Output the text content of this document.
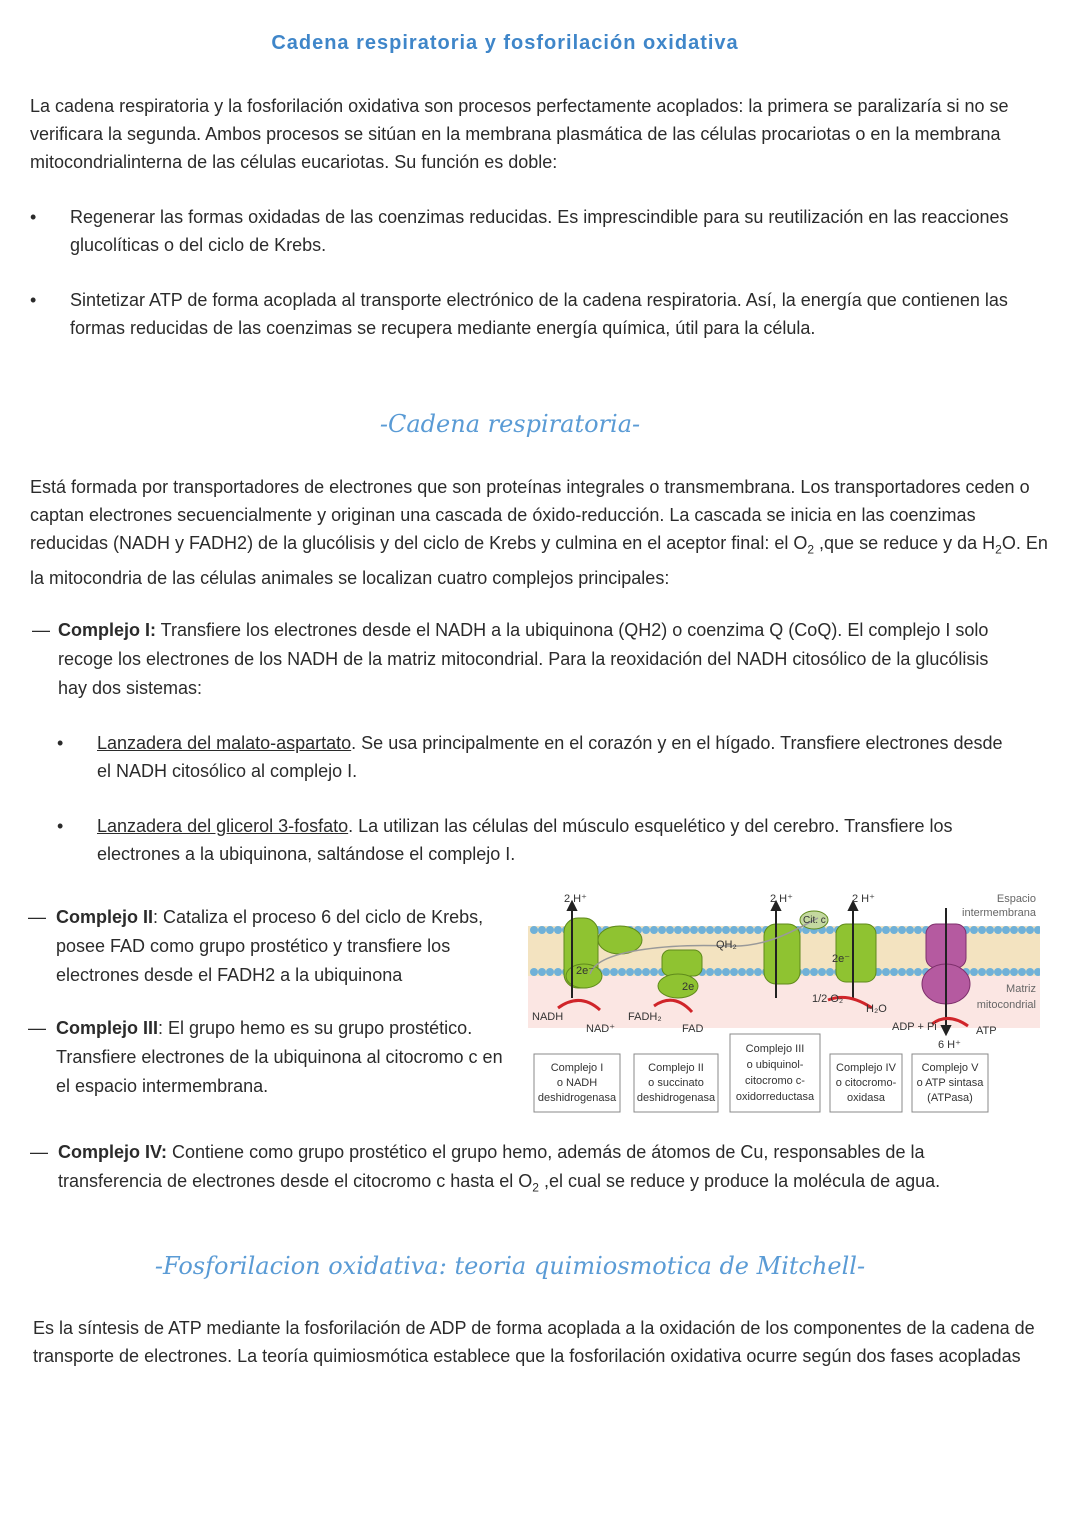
Cadena respiratoria y fosforilación oxidativa

La cadena respiratoria y la fosforilación oxidativa son procesos perfectamente acoplados: la primera se paralizaría si no se verificara la segunda. Ambos procesos se sitúan en la membrana plasmática de las células procariotas o en la membrana mitocondrialinterna de las células eucariotas. Su función es doble:

• Regenerar las formas oxidadas de las coenzimas reducidas. Es imprescindible para su reutilización en las reacciones glucolíticas o del ciclo de Krebs.
• Sintetizar ATP de forma acoplada al transporte electrónico de la cadena respiratoria. Así, la energía que contienen las formas reducidas de las coenzimas se recupera mediante energía química, útil para la célula.
-Cadena respiratoria-

Está formada por transportadores de electrones que son proteínas integrales o transmembrana. Los transportadores ceden o captan electrones secuencialmente y originan una cascada de óxido-reducción. La cascada se inicia en las coenzimas reducidas (NADH y FADH2) de la glucólisis y del ciclo de Krebs y culmina en el aceptor final: el $O_2$ ,que se reduce y da $H_2O$. En la mitocondria de las células animales se localizan cuatro complejos principales:

— Complejo I: Transfiere los electrones desde el NADH a la ubiquinona (QH2) o coenzima Q (CoQ). El complejo I solo recoge los electrones de los NADH de la matriz mitocondrial. Para la reoxidación del NADH citosólico de la glucólisis hay dos sistemas:
• Lanzadera del malato-aspartato. Se usa principalmente en el corazón y en el hígado. Transfiere electrones desde el NADH citosólico al complejo I.
• Lanzadera del glicerol 3-fosfato. La utilizan las células del músculo esquelético y del cerebro. Transfiere los electrones a la ubiquinona, saltándose el complejo I.
— Complejo II: Cataliza el proceso 6 del ciclo de Krebs, posee FAD como grupo prostético y transfiere los electrones desde el FADH2 a la ubiquinona
— Complejo III: El grupo hemo es su grupo prostético. Transfiere electrones de la ubiquinona al citocromo c en el espacio intermembrana.
2 H⁺	2 H⁺	2 H⁺
6 H⁺
2e⁻
2e
2e⁻
QH₂
Cit. c
NADH
NAD⁺
FADH₂
FAD
1/2 O₂
H₂O
ADP + Pi	ATP
Espacio
intermembrana
Matriz
mitocondrial
Complejo I
o NADH
deshidrogenasa
Complejo II
o succinato
deshidrogenasa
Complejo III
o ubiquinol-
citocromo c-
oxidorreductasa
Complejo IV
o citocromo-
oxidasa
Complejo V
o ATP sintasa
(ATPasa)
— Complejo IV: Contiene como grupo prostético el grupo hemo, además de átomos de Cu, responsables de la transferencia de electrones desde el citocromo c hasta el $O_2$ ,el cual se reduce y produce la molécula de agua.
-Fosforilacion oxidativa: teoria quimiosmotica de Mitchell-

Es la síntesis de ATP mediante la fosforilación de ADP de forma acoplada a la oxidación de los componentes de la cadena de transporte de electrones. La teoría quimiosmótica establece que la fosforilación oxidativa ocurre según dos fases acopladas
